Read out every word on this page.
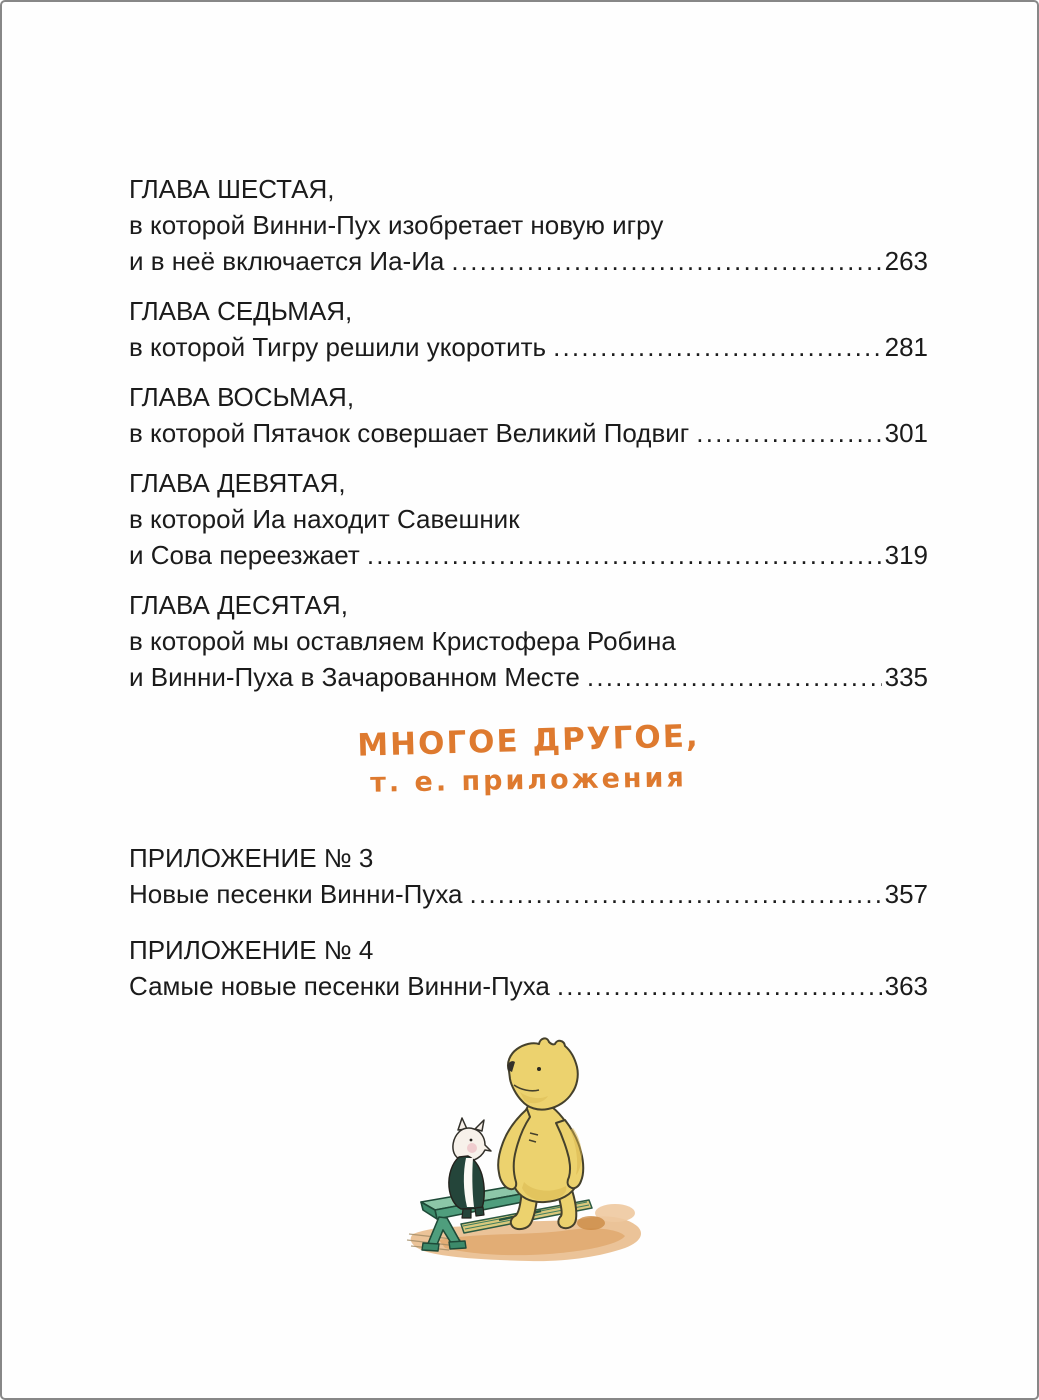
ГЛАВА ШЕСТАЯ,
в которой Винни-Пух изобретает новую игру
и в неё включается Иа-Иа .....	263
ГЛАВА СЕДЬМАЯ,
в которой Тигру решили укоротить .....	281
ГЛАВА ВОСЬМАЯ,
в которой Пятачок совершает Великий Подвиг .....	301
ГЛАВА ДЕВЯТАЯ,
в которой Иа находит Савешник
и Сова переезжает .....	319
ГЛАВА ДЕСЯТАЯ,
в которой мы оставляем Кристофера Робина
и Винни-Пуха в Зачарованном Месте .....	335
МНОГОЕ ДРУГОЕ,
т. е. приложения
ПРИЛОЖЕНИЕ № 3
Новые песенки Винни-Пуха .....	357
ПРИЛОЖЕНИЕ № 4
Самые новые песенки Винни-Пуха .....	363
